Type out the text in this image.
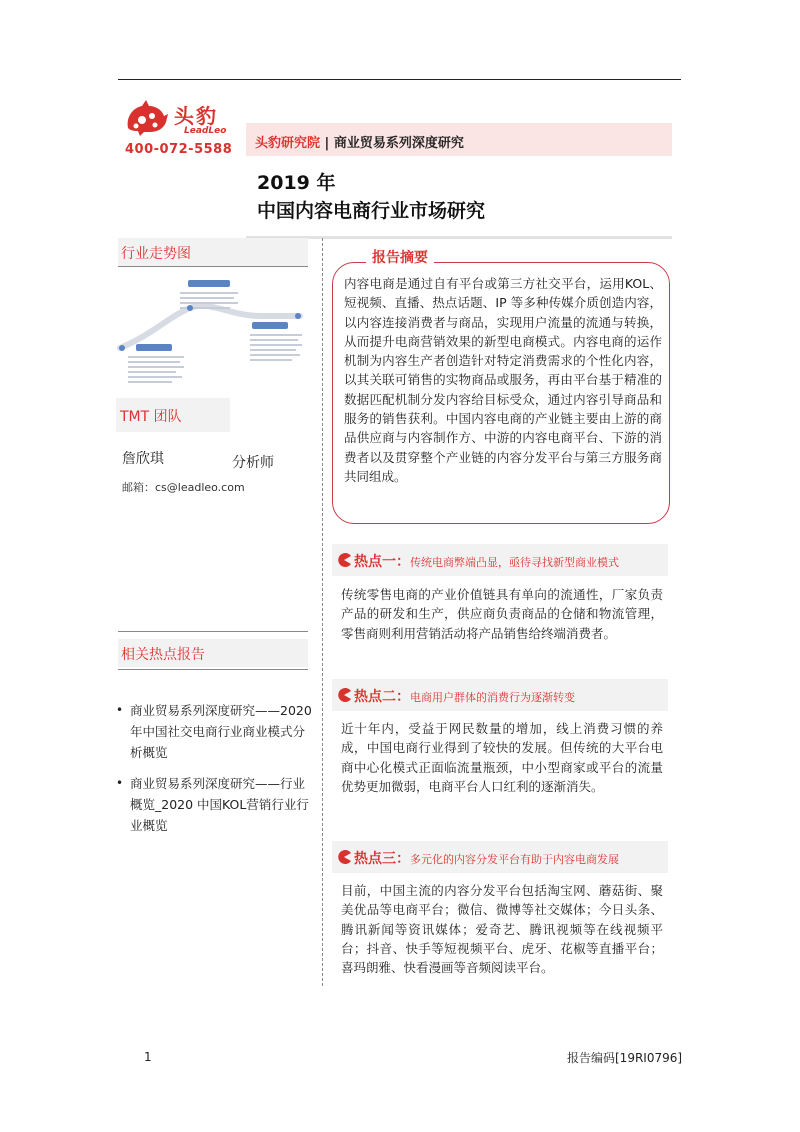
头豹
LeadLeo
400-072-5588 头豹研究院 | 商业贸易系列深度研究
2019 年
中国内容电商行业市场研究
行业走势图
TMT 团队
詹欣琪	分析师
邮箱：cs@leadleo.com
相关热点报告
• 商业贸易系列深度研究——2020 年中国社交电商行业商业模式分析概览
• 商业贸易系列深度研究——行业概览_2020 中国KOL营销行业行业概览
报告摘要
内容电商是通过自有平台或第三方社交平台，运用KOL、短视频、直播、热点话题、IP 等多种传媒介质创造内容，以内容连接消费者与商品，实现用户流量的流通与转换，从而提升电商营销效果的新型电商模式。内容电商的运作机制为内容生产者创造针对特定消费需求的个性化内容，以其关联可销售的实物商品或服务，再由平台基于精准的数据匹配机制分发内容给目标受众，通过内容引导商品和服务的销售获利。中国内容电商的产业链主要由上游的商品供应商与内容制作方、中游的内容电商平台、下游的消费者以及贯穿整个产业链的内容分发平台与第三方服务商共同组成。
热点一：传统电商弊端凸显，亟待寻找新型商业模式
传统零售电商的产业价值链具有单向的流通性，厂家负责产品的研发和生产，供应商负责商品的仓储和物流管理，零售商则利用营销活动将产品销售给终端消费者。
热点二：电商用户群体的消费行为逐渐转变
近十年内，受益于网民数量的增加，线上消费习惯的养成，中国电商行业得到了较快的发展。但传统的大平台电商中心化模式正面临流量瓶颈，中小型商家或平台的流量优势更加微弱，电商平台人口红利的逐渐消失。
热点三：多元化的内容分发平台有助于内容电商发展
目前，中国主流的内容分发平台包括淘宝网、蘑菇街、聚美优品等电商平台；微信、微博等社交媒体；今日头条、腾讯新闻等资讯媒体；爱奇艺、腾讯视频等在线视频平台；抖音、快手等短视频平台、虎牙、花椒等直播平台；喜玛朗雅、快看漫画等音频阅读平台。
1	报告编码[19RI0796]
